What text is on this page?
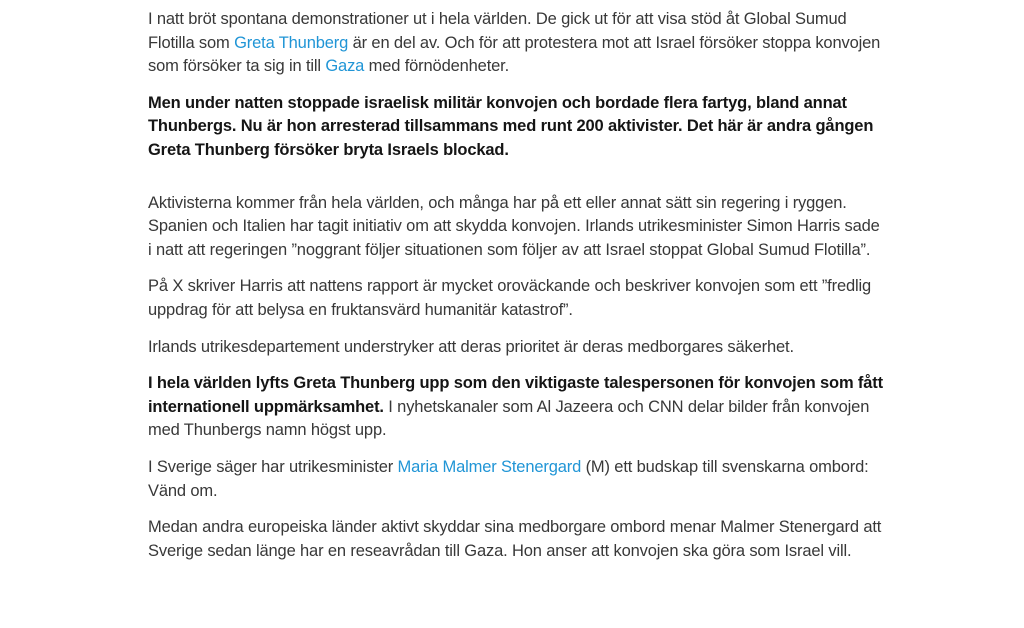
I natt bröt spontana demonstrationer ut i hela världen. De gick ut för att visa stöd åt Global Sumud Flotilla som Greta Thunberg är en del av. Och för att protestera mot att Israel försöker stoppa konvojen som försöker ta sig in till Gaza med förnödenheter.

Men under natten stoppade israelisk militär konvojen och bordade flera fartyg, bland annat Thunbergs. Nu är hon arresterad tillsammans med runt 200 aktivister. Det här är andra gången Greta Thunberg försöker bryta Israels blockad.

Aktivisterna kommer från hela världen, och många har på ett eller annat sätt sin regering i ryggen. Spanien och Italien har tagit initiativ om att skydda konvojen. Irlands utrikesminister Simon Harris sade i natt att regeringen ”noggrant följer situationen som följer av att Israel stoppat Global Sumud Flotilla”.

På X skriver Harris att nattens rapport är mycket oroväckande och beskriver konvojen som ett ”fredlig uppdrag för att belysa en fruktansvärd humanitär katastrof”.

Irlands utrikesdepartement understryker att deras prioritet är deras medborgares säkerhet.

I hela världen lyfts Greta Thunberg upp som den viktigaste talespersonen för konvojen som fått internationell uppmärksamhet. I nyhetskanaler som Al Jazeera och CNN delar bilder från konvojen med Thunbergs namn högst upp.

I Sverige säger har utrikesminister Maria Malmer Stenergard (M) ett budskap till svenskarna ombord: Vänd om.

Medan andra europeiska länder aktivt skyddar sina medborgare ombord menar Malmer Stenergard att Sverige sedan länge har en reseavrådan till Gaza. Hon anser att konvojen ska göra som Israel vill.
